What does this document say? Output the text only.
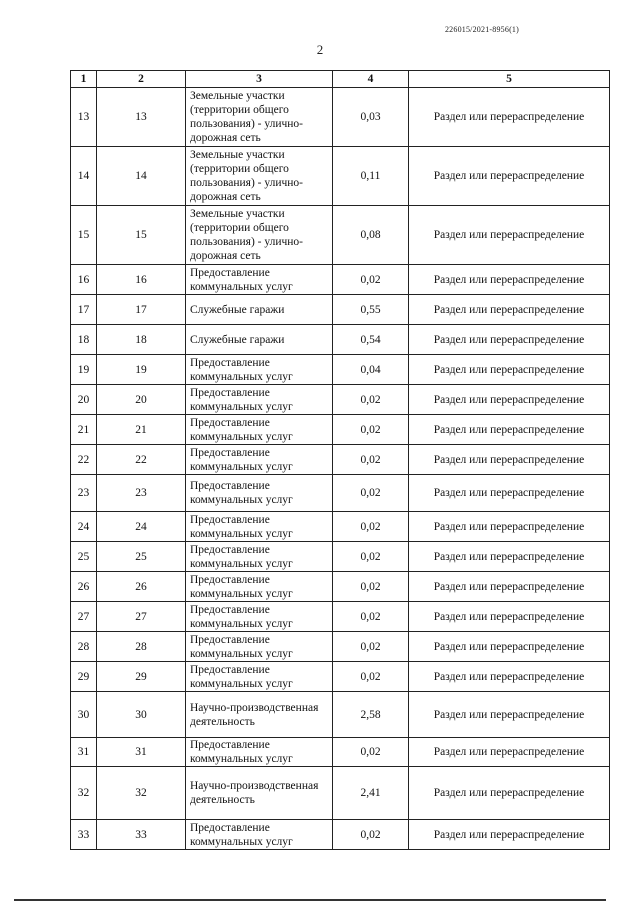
226015/2021-8956(1)
2
1	2	3	4	5
13	13	Земельные участки (территории общего пользования) - улично-дорожная сеть	0,03	Раздел или перераспределение
14	14	Земельные участки (территории общего пользования) - улично-дорожная сеть	0,11	Раздел или перераспределение
15	15	Земельные участки (территории общего пользования) - улично-дорожная сеть	0,08	Раздел или перераспределение
16	16	Предоставление коммунальных услуг	0,02	Раздел или перераспределение
17	17	Служебные гаражи	0,55	Раздел или перераспределение
18	18	Служебные гаражи	0,54	Раздел или перераспределение
19	19	Предоставление коммунальных услуг	0,04	Раздел или перераспределение
20	20	Предоставление коммунальных услуг	0,02	Раздел или перераспределение
21	21	Предоставление коммунальных услуг	0,02	Раздел или перераспределение
22	22	Предоставление коммунальных услуг	0,02	Раздел или перераспределение
23	23	Предоставление коммунальных услуг	0,02	Раздел или перераспределение
24	24	Предоставление коммунальных услуг	0,02	Раздел или перераспределение
25	25	Предоставление коммунальных услуг	0,02	Раздел или перераспределение
26	26	Предоставление коммунальных услуг	0,02	Раздел или перераспределение
27	27	Предоставление коммунальных услуг	0,02	Раздел или перераспределение
28	28	Предоставление коммунальных услуг	0,02	Раздел или перераспределение
29	29	Предоставление коммунальных услуг	0,02	Раздел или перераспределение
30	30	Научно-производственная деятельность	2,58	Раздел или перераспределение
31	31	Предоставление коммунальных услуг	0,02	Раздел или перераспределение
32	32	Научно-производственная деятельность	2,41	Раздел или перераспределение
33	33	Предоставление коммунальных услуг	0,02	Раздел или перераспределение
